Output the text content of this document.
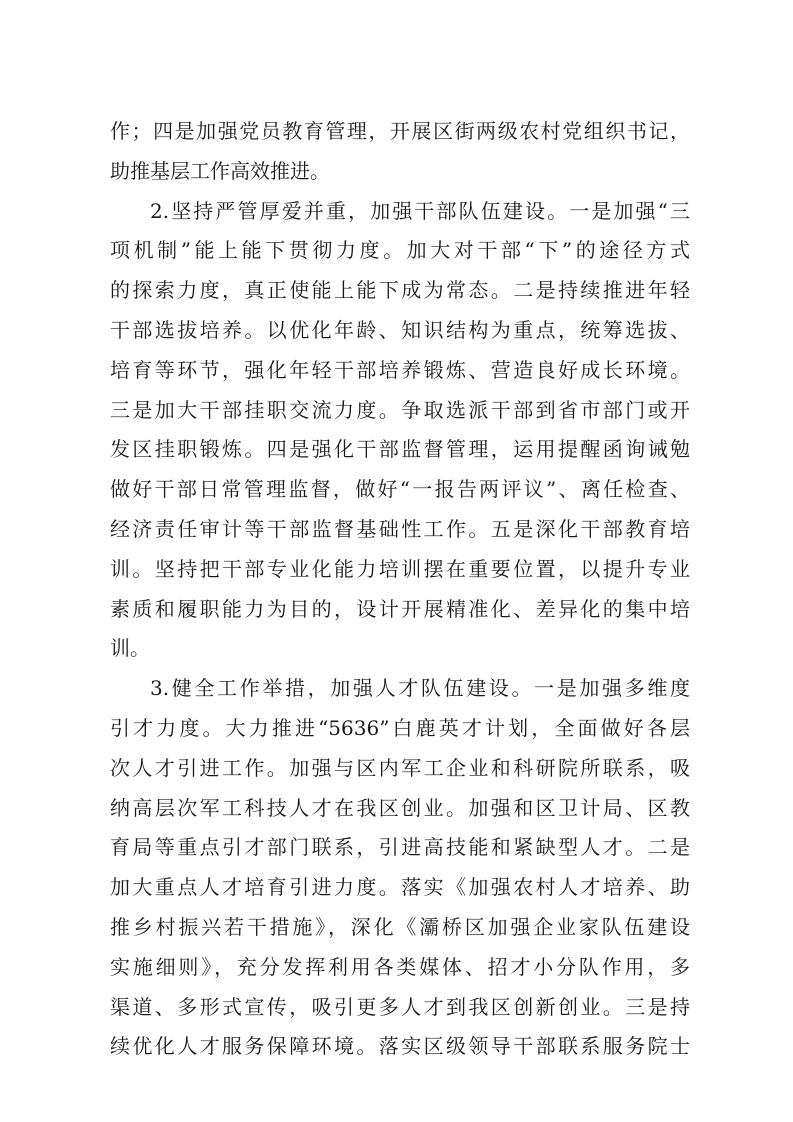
作；四是加强党员教育管理，开展区街两级农村党组织书记，
助推基层工作高效推进。
2.坚持严管厚爱并重，加强干部队伍建设。一是加强“三
项机制”能上能下贯彻力度。加大对干部“下”的途径方式
的探索力度，真正使能上能下成为常态。二是持续推进年轻
干部选拔培养。以优化年龄、知识结构为重点，统筹选拔、
培育等环节，强化年轻干部培养锻炼、营造良好成长环境。
三是加大干部挂职交流力度。争取选派干部到省市部门或开
发区挂职锻炼。四是强化干部监督管理，运用提醒函询诫勉
做好干部日常管理监督，做好“一报告两评议”、离任检查、
经济责任审计等干部监督基础性工作。五是深化干部教育培
训。坚持把干部专业化能力培训摆在重要位置，以提升专业
素质和履职能力为目的，设计开展精准化、差异化的集中培
训。
3.健全工作举措，加强人才队伍建设。一是加强多维度
引才力度。大力推进“5636”白鹿英才计划，全面做好各层
次人才引进工作。加强与区内军工企业和科研院所联系，吸
纳高层次军工科技人才在我区创业。加强和区卫计局、区教
育局等重点引才部门联系，引进高技能和紧缺型人才。二是
加大重点人才培育引进力度。落实《加强农村人才培养、助
推乡村振兴若干措施》，深化《灞桥区加强企业家队伍建设
实施细则》，充分发挥利用各类媒体、招才小分队作用，多
渠道、多形式宣传，吸引更多人才到我区创新创业。三是持
续优化人才服务保障环境。落实区级领导干部联系服务院士
